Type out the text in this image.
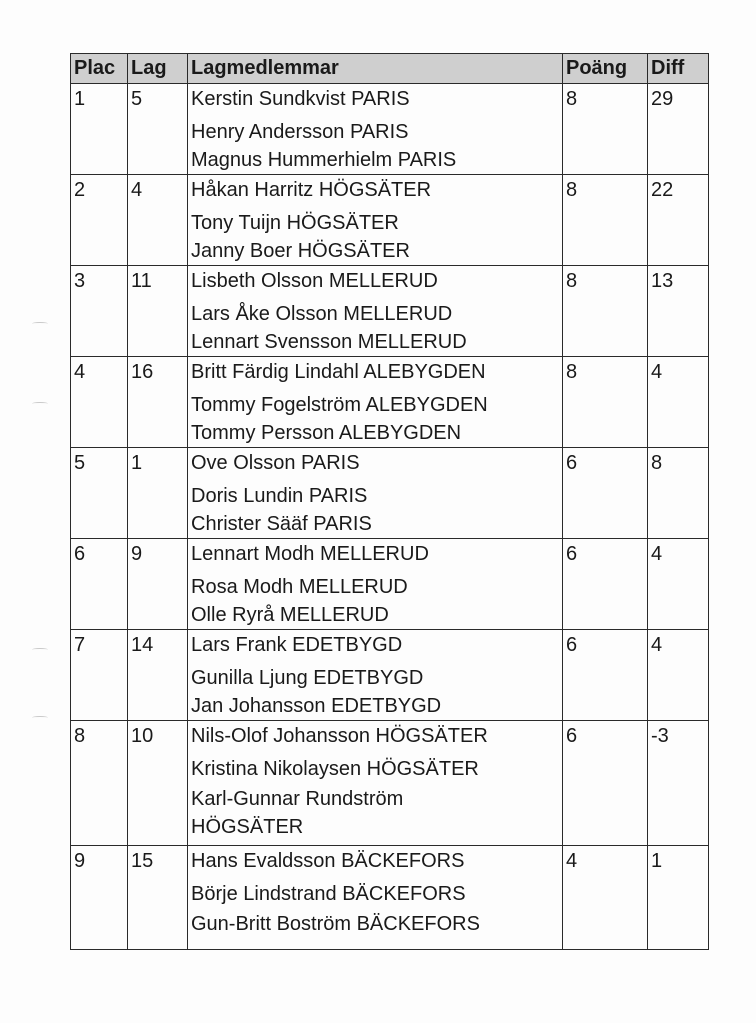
Plac	Lag	Lagmedlemmar	Poäng	Diff
1	5	Kerstin Sundkvist PARIS
Henry Andersson PARIS
Magnus Hummerhielm PARIS	8	29
2	4	Håkan Harritz HÖGSÄTER
Tony Tuijn HÖGSÄTER
Janny Boer HÖGSÄTER	8	22
3	11	Lisbeth Olsson MELLERUD
Lars Åke Olsson MELLERUD
Lennart Svensson MELLERUD	8	13
4	16	Britt Färdig Lindahl ALEBYGDEN
Tommy Fogelström ALEBYGDEN
Tommy Persson ALEBYGDEN	8	4
5	1	Ove Olsson PARIS
Doris Lundin PARIS
Christer Sääf PARIS	6	8
6	9	Lennart Modh MELLERUD
Rosa Modh MELLERUD
Olle Ryrå MELLERUD	6	4
7	14	Lars Frank EDETBYGD
Gunilla Ljung EDETBYGD
Jan Johansson EDETBYGD	6	4
8	10	Nils-Olof Johansson HÖGSÄTER
Kristina Nikolaysen HÖGSÄTER
Karl-Gunnar Rundström
HÖGSÄTER	6	-3
9	15	Hans Evaldsson BÄCKEFORS
Börje Lindstrand BÄCKEFORS
Gun-Britt Boström BÄCKEFORS	4	1
